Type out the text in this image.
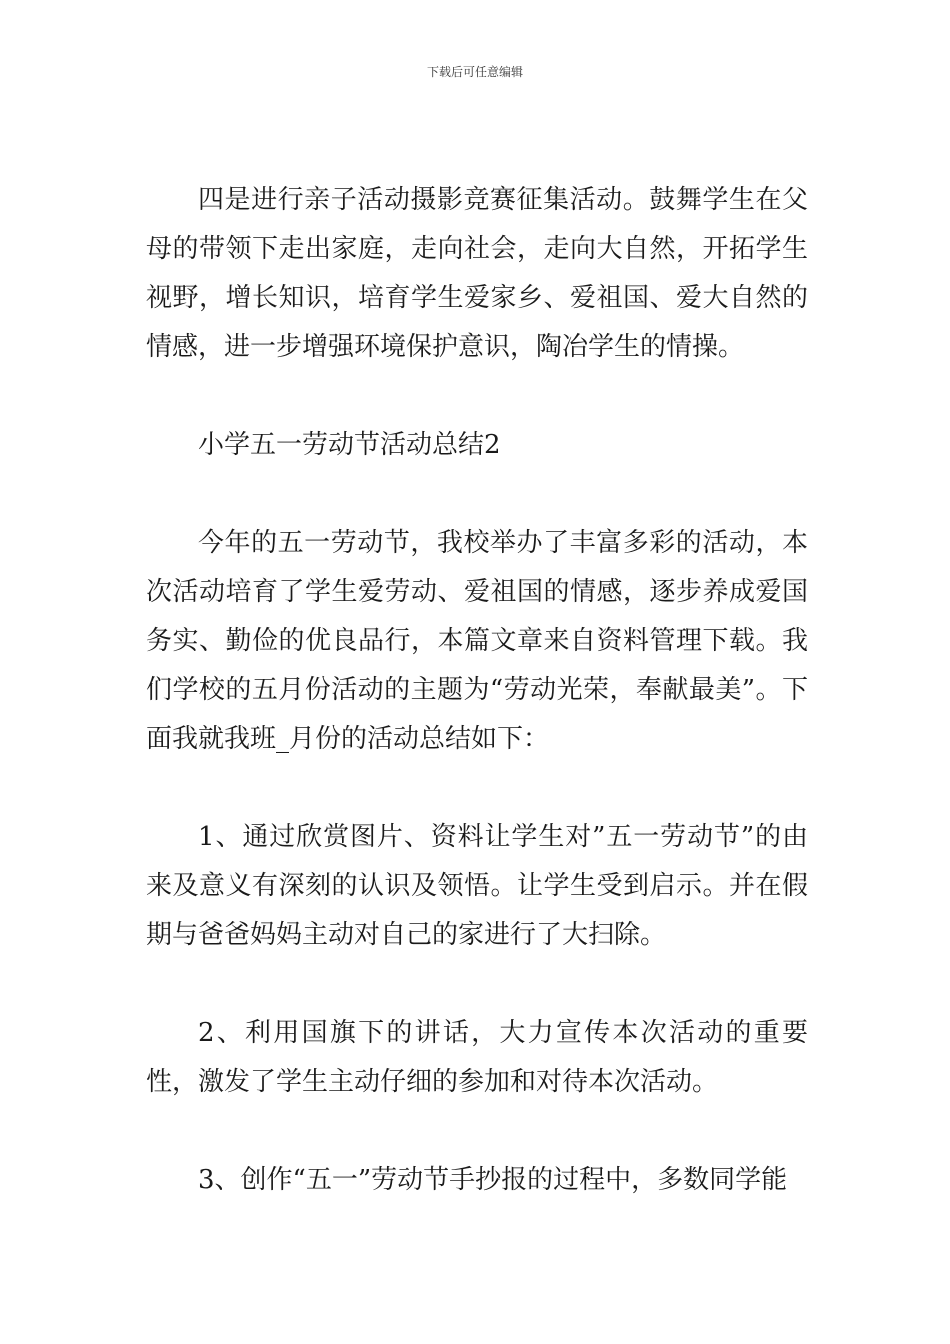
下载后可任意编辑

四是进行亲子活动摄影竞赛征集活动。鼓舞学生在父母的带领下走出家庭，走向社会，走向大自然，开拓学生视野，增长知识，培育学生爱家乡、爱祖国、爱大自然的情感，进一步增强环境保护意识，陶冶学生的情操。

小学五一劳动节活动总结2

今年的五一劳动节，我校举办了丰富多彩的活动，本次活动培育了学生爱劳动、爱祖国的情感，逐步养成爱国务实、勤俭的优良品行，本篇文章来自资料管理下载。我们学校的五月份活动的主题为“劳动光荣，奉献最美”。下面我就我班_月份的活动总结如下：

1、通过欣赏图片、资料让学生对”五一劳动节”的由来及意义有深刻的认识及领悟。让学生受到启示。并在假期与爸爸妈妈主动对自己的家进行了大扫除。

2、利用国旗下的讲话，大力宣传本次活动的重要性，激发了学生主动仔细的参加和对待本次活动。

3、创作“五一”劳动节手抄报的过程中，多数同学能
